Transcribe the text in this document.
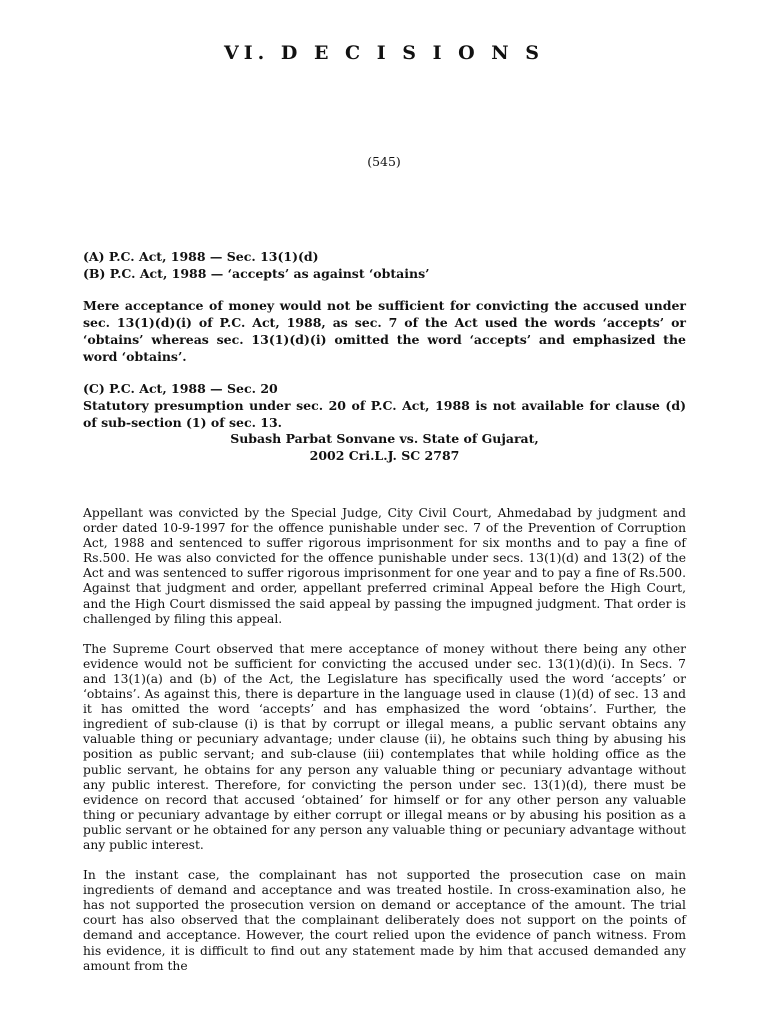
VI. D E C I S I O N S
(545)

(A) P.C. Act, 1988 — Sec. 13(1)(d)

(B) P.C. Act, 1988 — ‘accepts’ as against ‘obtains’

Mere acceptance of money would not be sufficient for convicting the accused under sec. 13(1)(d)(i) of P.C. Act, 1988, as sec. 7 of the Act used the words ‘accepts’ or ‘obtains’ whereas sec. 13(1)(d)(i) omitted the word ‘accepts’ and emphasized the word ‘obtains’.

(C) P.C. Act, 1988 — Sec. 20

Statutory presumption under sec. 20 of P.C. Act, 1988 is not available for clause (d) of sub-section (1) of sec. 13.

Subash Parbat Sonvane vs. State of Gujarat,
2002 Cri.L.J. SC 2787

Appellant was convicted by the Special Judge, City Civil Court, Ahmedabad by judgment and order dated 10-9-1997 for the offence punishable under sec. 7 of the Prevention of Corruption Act, 1988 and sentenced to suffer rigorous imprisonment for six months and to pay a fine of Rs.500. He was also convicted for the offence punishable under secs. 13(1)(d) and 13(2) of the Act and was sentenced to suffer rigorous imprisonment for one year and to pay a fine of Rs.500. Against that judgment and order, appellant preferred criminal Appeal before the High Court, and the High Court dismissed the said appeal by passing the impugned judgment. That order is challenged by filing this appeal.

The Supreme Court observed that mere acceptance of money without there being any other evidence would not be sufficient for convicting the accused under sec. 13(1)(d)(i). In Secs. 7 and 13(1)(a) and (b) of the Act, the Legislature has specifically used the word ‘accepts’ or ‘obtains’. As against this, there is departure in the language used in clause (1)(d) of sec. 13 and it has omitted the word ‘accepts’ and has emphasized the word ‘obtains’. Further, the ingredient of sub-clause (i) is that by corrupt or illegal means, a public servant obtains any valuable thing or pecuniary advantage; under clause (ii), he obtains such thing by abusing his position as public servant; and sub-clause (iii) contemplates that while holding office as the public servant, he obtains for any person any valuable thing or pecuniary advantage without any public interest. Therefore, for convicting the person under sec. 13(1)(d), there must be evidence on record that accused ‘obtained’ for himself or for any other person any valuable thing or pecuniary advantage by either corrupt or illegal means or by abusing his position as a public servant or he obtained for any person any valuable thing or pecuniary advantage without any public interest.

In the instant case, the complainant has not supported the prosecution case on main ingredients of demand and acceptance and was treated hostile. In cross-examination also, he has not supported the prosecution version on demand or acceptance of the amount. The trial court has also observed that the complainant deliberately does not support on the points of demand and acceptance. However, the court relied upon the evidence of panch witness. From his evidence, it is difficult to find out any statement made by him that accused demanded any amount from the
